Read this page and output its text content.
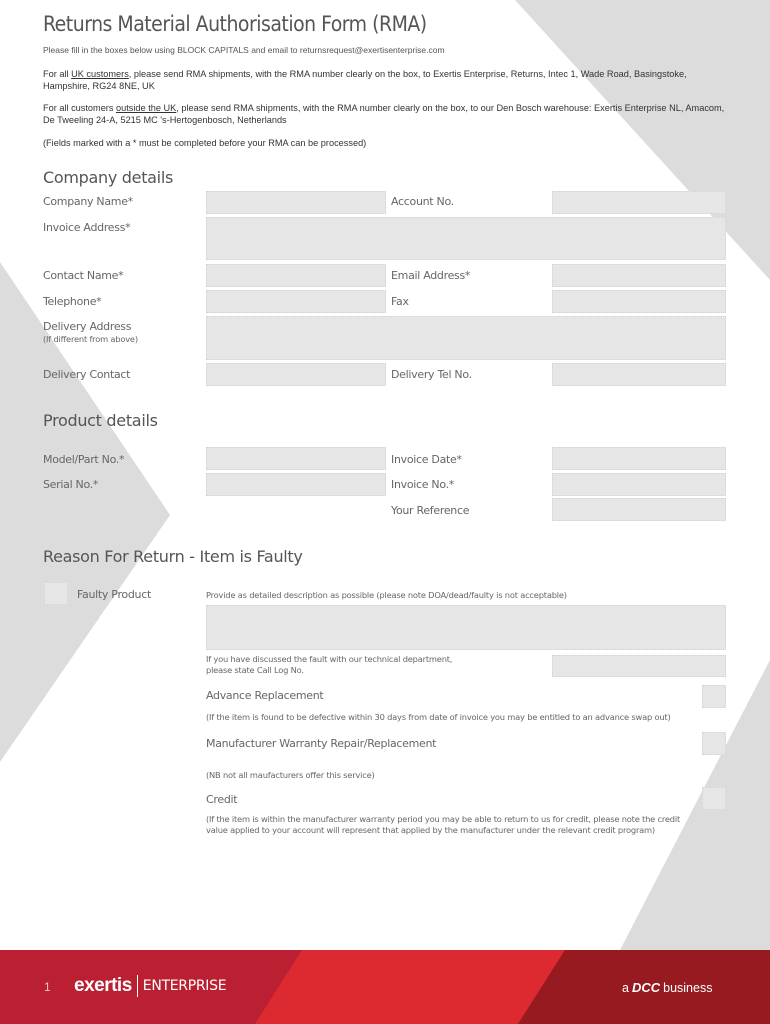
Returns Material Authorisation Form (RMA)
Please fill in the boxes below using BLOCK CAPITALS and email to returnsrequest@exertisenterprise.com
For all UK customers, please send RMA shipments, with the RMA number clearly on the box, to Exertis Enterprise, Returns, Intec 1, Wade Road, Basingstoke, Hampshire, RG24 8NE, UK
For all customers outside the UK, please send RMA shipments, with the RMA number clearly on the box, to our Den Bosch warehouse: Exertis Enterprise NL, Amacom, De Tweeling 24-A, 5215 MC 's-Hertogenbosch, Netherlands
(Fields marked with a * must be completed before your RMA can be processed)
Company details
Company Name*	Account No.
Invoice Address*
Contact Name*	Email Address*
Telephone*	Fax
Delivery Address
(If different from above)
Delivery Contact	Delivery Tel No.
Product details
Model/Part No.*	Invoice Date*
Serial No.*	Invoice No.*
Your Reference
Reason For Return - Item is Faulty
Faulty Product	Provide as detailed description as possible (please note DOA/dead/faulty is not acceptable)
If you have discussed the fault with our technical department,
please state Call Log No.
Advance Replacement
(If the item is found to be defective within 30 days from date of invoice you may be entitled to an advance swap out)
Manufacturer Warranty Repair/Replacement
(NB not all maufacturers offer this service)
Credit
(If the item is within the manufacturer warranty period you may be able to return to us for credit, please note the credit
value applied to your account will represent that applied by the manufacturer under the relevant credit program)
1 exertis ENTERPRISE	a DCC business
